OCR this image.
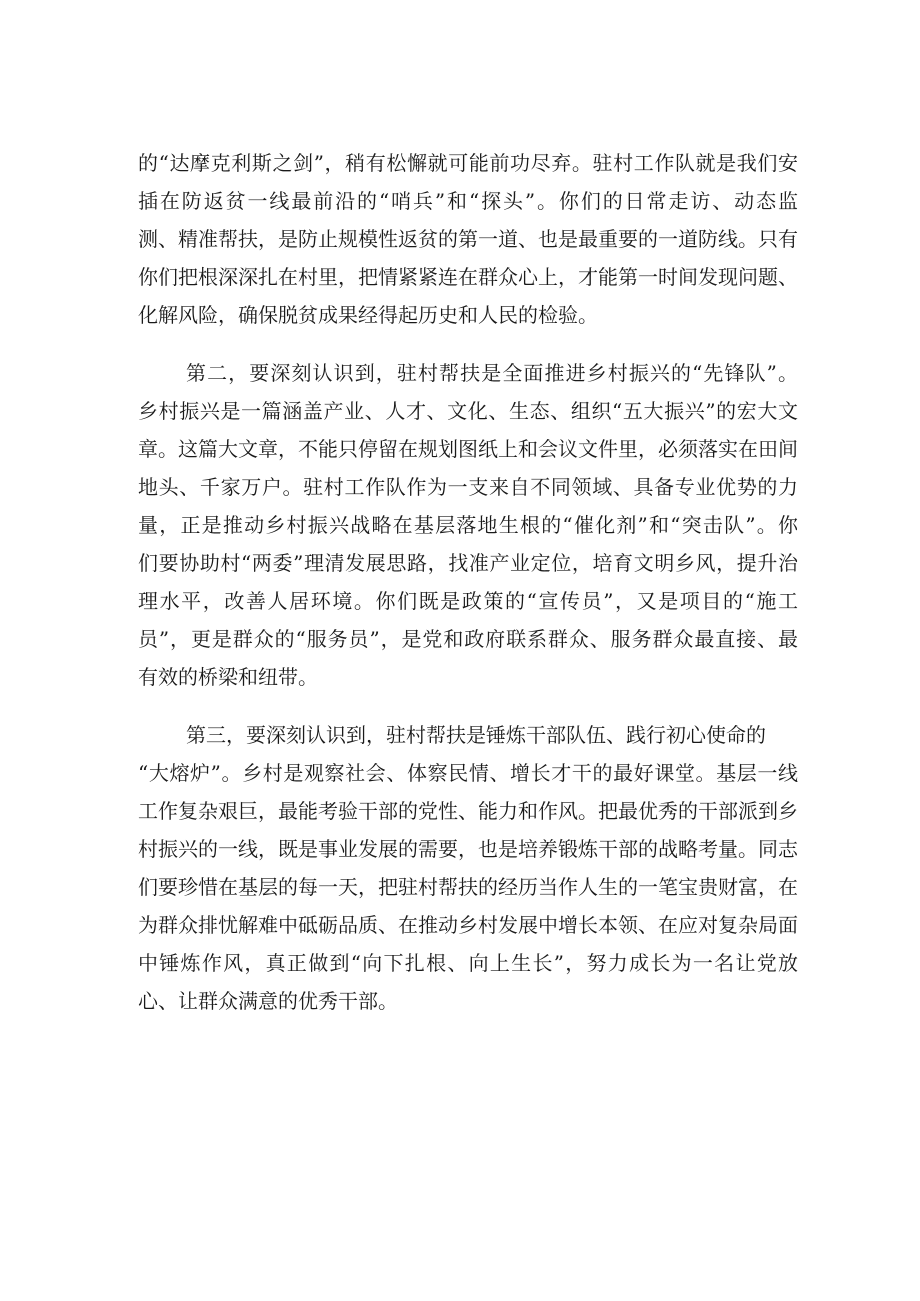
的“达摩克利斯之剑”，稍有松懈就可能前功尽弃。驻村工作队就是我们安
插在防返贫一线最前沿的“哨兵”和“探头”。你们的日常走访、动态监
测、精准帮扶，是防止规模性返贫的第一道、也是最重要的一道防线。只有
你们把根深深扎在村里，把情紧紧连在群众心上，才能第一时间发现问题、
化解风险，确保脱贫成果经得起历史和人民的检验。
第二，要深刻认识到，驻村帮扶是全面推进乡村振兴的“先锋队”。
乡村振兴是一篇涵盖产业、人才、文化、生态、组织“五大振兴”的宏大文
章。这篇大文章，不能只停留在规划图纸上和会议文件里，必须落实在田间
地头、千家万户。驻村工作队作为一支来自不同领域、具备专业优势的力
量，正是推动乡村振兴战略在基层落地生根的“催化剂”和“突击队”。你
们要协助村“两委”理清发展思路，找准产业定位，培育文明乡风，提升治
理水平，改善人居环境。你们既是政策的“宣传员”，又是项目的“施工
员”，更是群众的“服务员”，是党和政府联系群众、服务群众最直接、最
有效的桥梁和纽带。
第三，要深刻认识到，驻村帮扶是锤炼干部队伍、践行初心使命的
“大熔炉”。乡村是观察社会、体察民情、增长才干的最好课堂。基层一线
工作复杂艰巨，最能考验干部的党性、能力和作风。把最优秀的干部派到乡
村振兴的一线，既是事业发展的需要，也是培养锻炼干部的战略考量。同志
们要珍惜在基层的每一天，把驻村帮扶的经历当作人生的一笔宝贵财富，在
为群众排忧解难中砥砺品质、在推动乡村发展中增长本领、在应对复杂局面
中锤炼作风，真正做到“向下扎根、向上生长”，努力成长为一名让党放
心、让群众满意的优秀干部。
